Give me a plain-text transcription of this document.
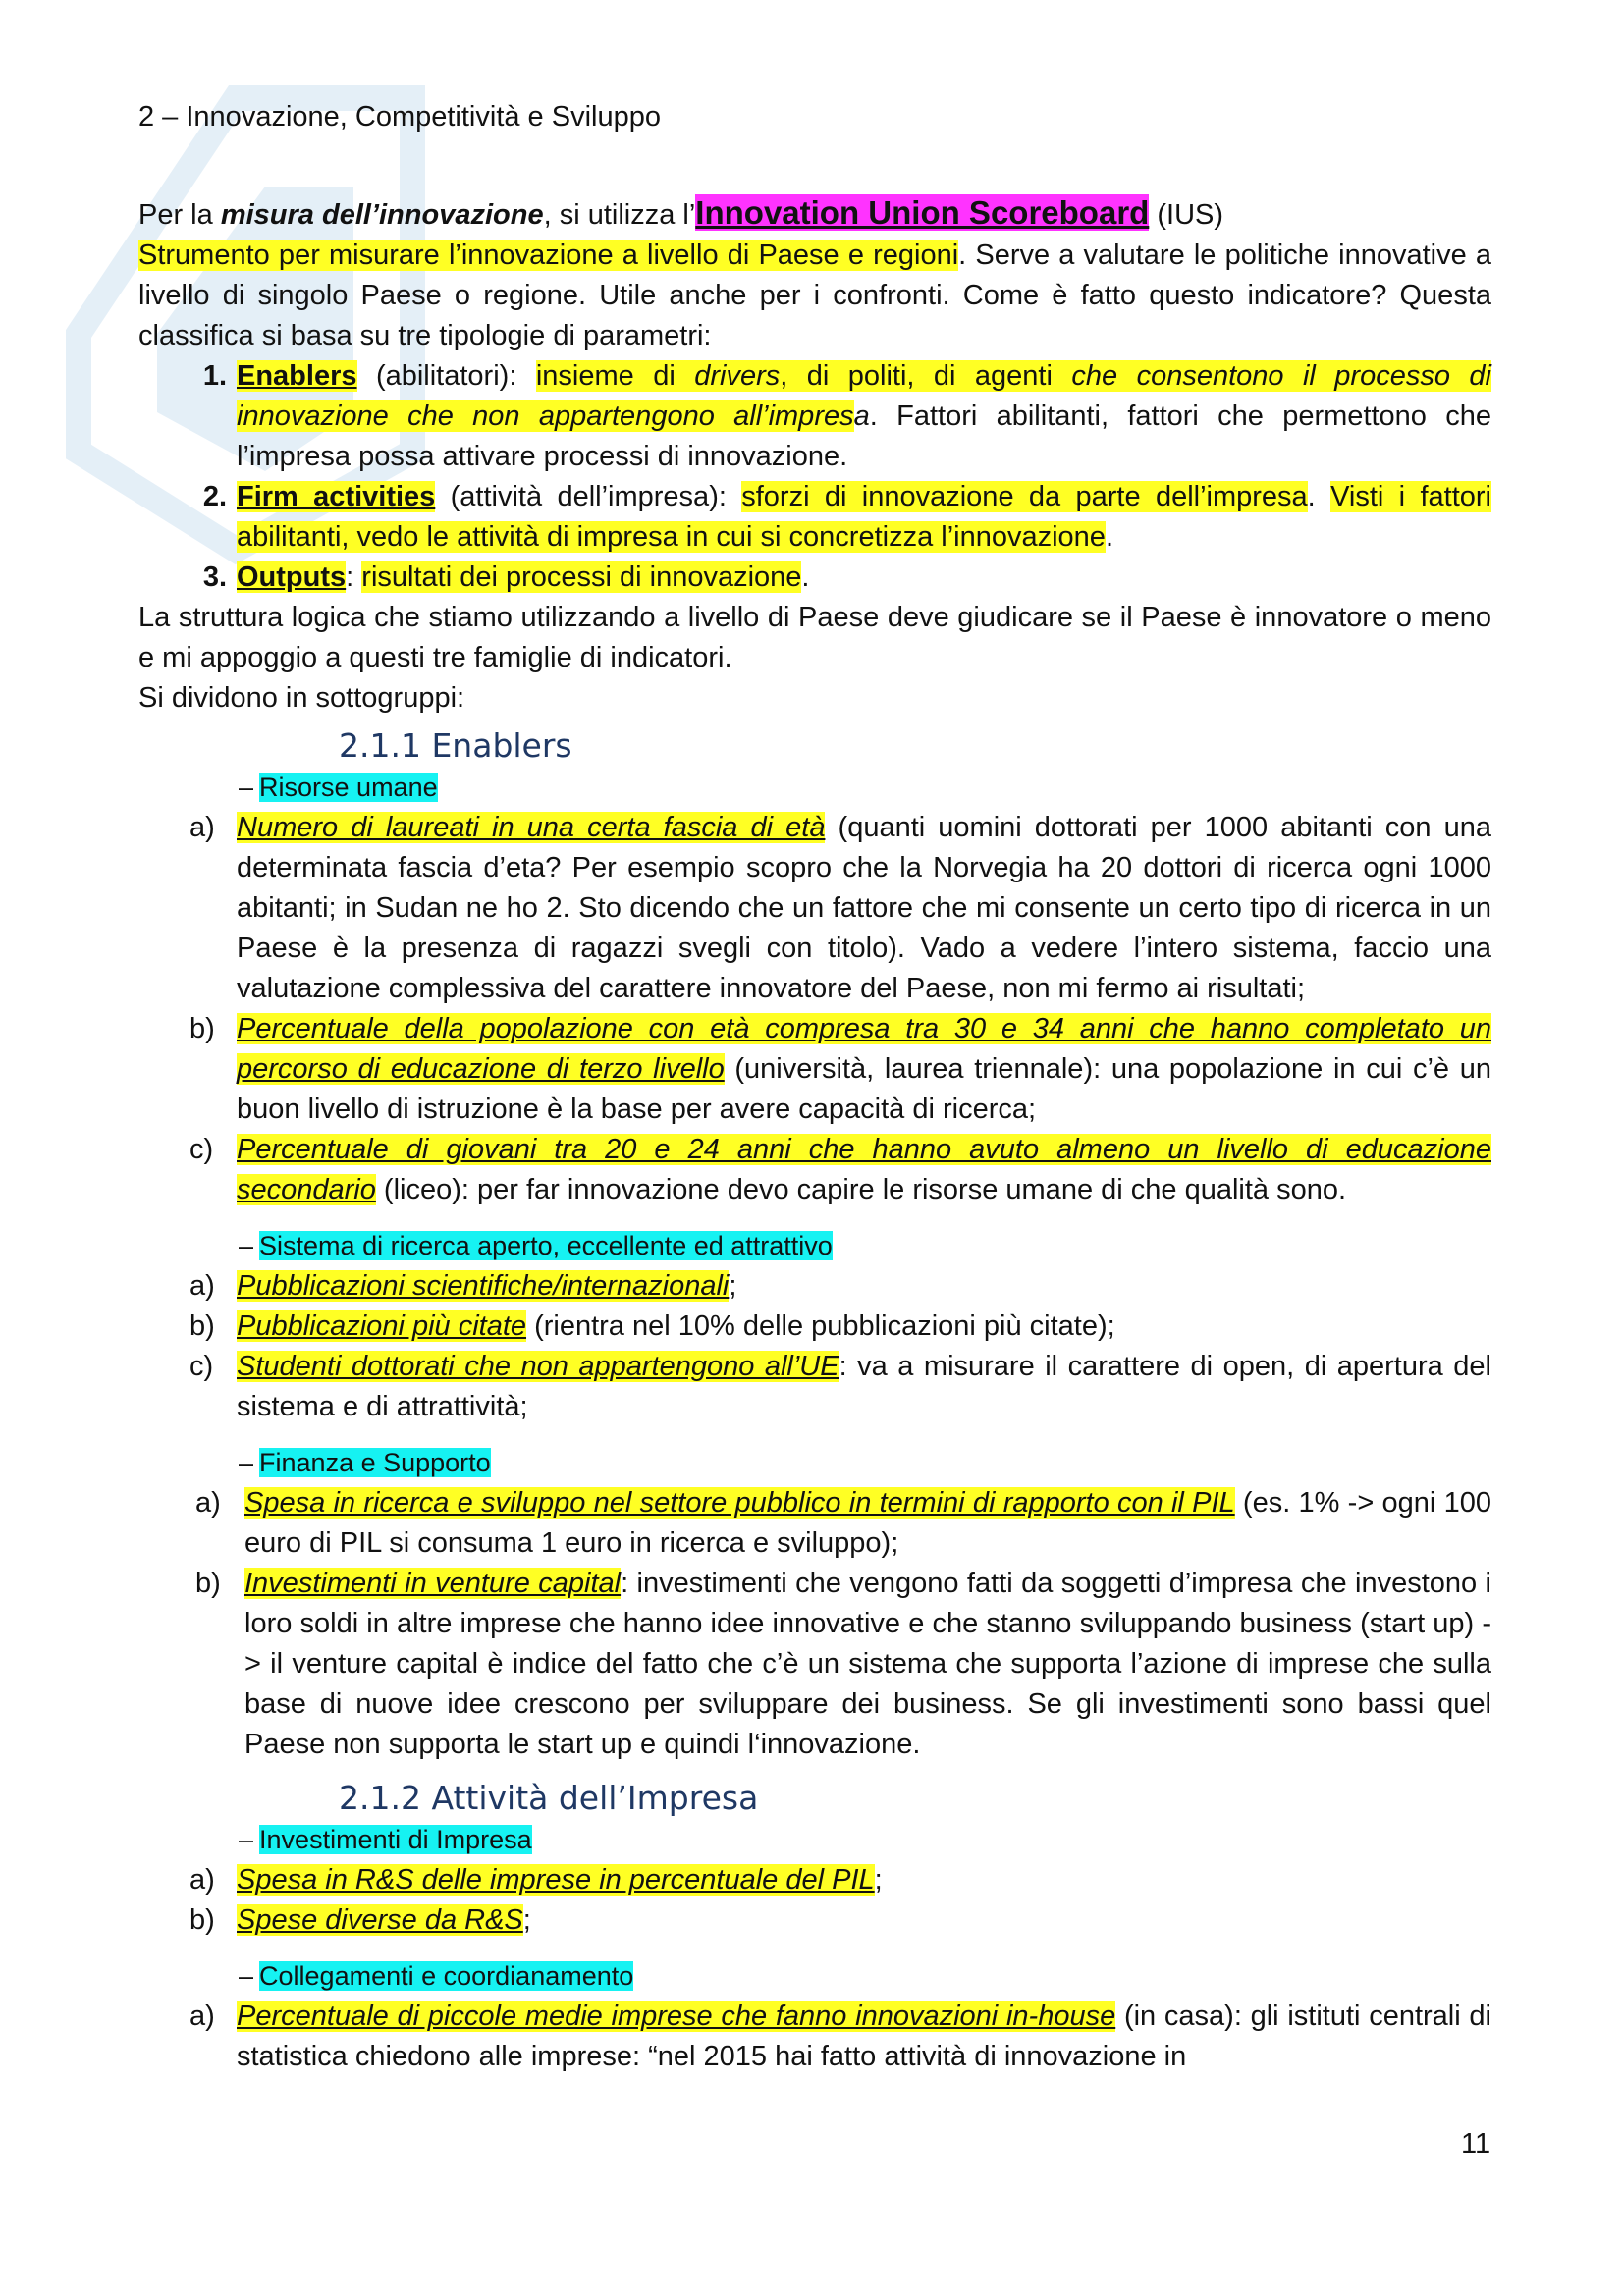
2 – Innovazione, Competitività e Sviluppo

Per la misura dell’innovazione, si utilizza l’Innovation Union Scoreboard (IUS)

Strumento per misurare l’innovazione a livello di Paese e regioni. Serve a valutare le politiche innovative a livello di singolo Paese o regione. Utile anche per i confronti. Come è fatto questo indicatore? Questa classifica si basa su tre tipologie di parametri:

1. Enablers (abilitatori): insieme di drivers, di politi, di agenti che consentono il processo di innovazione che non appartengono all’impresa. Fattori abilitanti, fattori che permettono che l’impresa possa attivare processi di innovazione.
2. Firm activities (attività dell’impresa): sforzi di innovazione da parte dell’impresa. Visti i fattori abilitanti, vedo le attività di impresa in cui si concretizza l’innovazione.
3. Outputs: risultati dei processi di innovazione.

La struttura logica che stiamo utilizzando a livello di Paese deve giudicare se il Paese è innovatore o meno e mi appoggio a questi tre famiglie di indicatori.

Si dividono in sottogruppi:

2.1.1 Enablers
– Risorse umane
a) Numero di laureati in una certa fascia di età (quanti uomini dottorati per 1000 abitanti con una determinata fascia d’eta? Per esempio scopro che la Norvegia ha 20 dottori di ricerca ogni 1000 abitanti; in Sudan ne ho 2. Sto dicendo che un fattore che mi consente un certo tipo di ricerca in un Paese è la presenza di ragazzi svegli con titolo). Vado a vedere l’intero sistema, faccio una valutazione complessiva del carattere innovatore del Paese, non mi fermo ai risultati;
b) Percentuale della popolazione con età compresa tra 30 e 34 anni che hanno completato un percorso di educazione di terzo livello (università, laurea triennale): una popolazione in cui c’è un buon livello di istruzione è la base per avere capacità di ricerca;
c) Percentuale di giovani tra 20 e 24 anni che hanno avuto almeno un livello di educazione secondario (liceo): per far innovazione devo capire le risorse umane di che qualità sono.
– Sistema di ricerca aperto, eccellente ed attrattivo
a) Pubblicazioni scientifiche/internazionali;
b) Pubblicazioni più citate (rientra nel 10% delle pubblicazioni più citate);
c) Studenti dottorati che non appartengono all’UE: va a misurare il carattere di open, di apertura del sistema e di attrattività;
– Finanza e Supporto
a) Spesa in ricerca e sviluppo nel settore pubblico in termini di rapporto con il PIL (es. 1% -> ogni 100 euro di PIL si consuma 1 euro in ricerca e sviluppo);
b) Investimenti in venture capital: investimenti che vengono fatti da soggetti d’impresa che investono i loro soldi in altre imprese che hanno idee innovative e che stanno sviluppando business (start up) -> il venture capital è indice del fatto che c’è un sistema che supporta l’azione di imprese che sulla base di nuove idee crescono per sviluppare dei business. Se gli investimenti sono bassi quel Paese non supporta le start up e quindi l‘innovazione.
2.1.2 Attività dell’Impresa
– Investimenti di Impresa
a) Spesa in R&S delle imprese in percentuale del PIL;
b) Spese diverse da R&S;
– Collegamenti e coordianamento
a) Percentuale di piccole medie imprese che fanno innovazioni in-house (in casa): gli istituti centrali di statistica chiedono alle imprese: “nel 2015 hai fatto attività di innovazione in
11
